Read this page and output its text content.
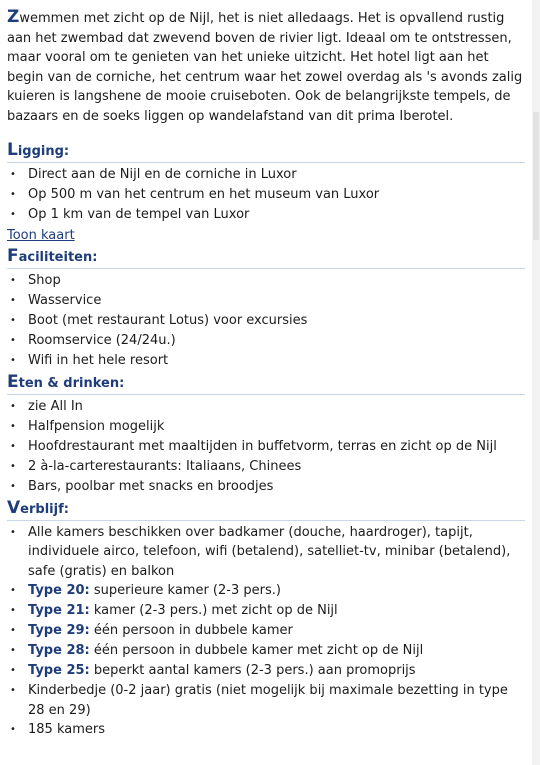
Zwemmen met zicht op de Nijl, het is niet alledaags. Het is opvallend rustig aan het zwembad dat zwevend boven de rivier ligt. Ideaal om te ontstressen, maar vooral om te genieten van het unieke uitzicht. Het hotel ligt aan het begin van de corniche, het centrum waar het zowel overdag als 's avonds zalig kuieren is langshene de mooie cruiseboten. Ook de belangrijkste tempels, de bazaars en de soeks liggen op wandelafstand van dit prima Iberotel.

Ligging:
• Direct aan de Nijl en de corniche in Luxor
• Op 500 m van het centrum en het museum van Luxor
• Op 1 km van de tempel van Luxor
Toon kaart
Faciliteiten:
• Shop
• Wasservice
• Boot (met restaurant Lotus) voor excursies
• Roomservice (24/24u.)
• Wifi in het hele resort
Eten & drinken:
• zie All In
• Halfpension mogelijk
• Hoofdrestaurant met maaltijden in buffetvorm, terras en zicht op de Nijl
• 2 à-la-carterestaurants: Italiaans, Chinees
• Bars, poolbar met snacks en broodjes
Verblijf:
• Alle kamers beschikken over badkamer (douche, haardroger), tapijt, individuele airco, telefoon, wifi (betalend), satelliet-tv, minibar (betalend), safe (gratis) en balkon
• Type 20: superieure kamer (2-3 pers.)
• Type 21: kamer (2-3 pers.) met zicht op de Nijl
• Type 29: één persoon in dubbele kamer
• Type 28: één persoon in dubbele kamer met zicht op de Nijl
• Type 25: beperkt aantal kamers (2-3 pers.) aan promoprijs
• Kinderbedje (0-2 jaar) gratis (niet mogelijk bij maximale bezetting in type 28 en 29)
• 185 kamers
